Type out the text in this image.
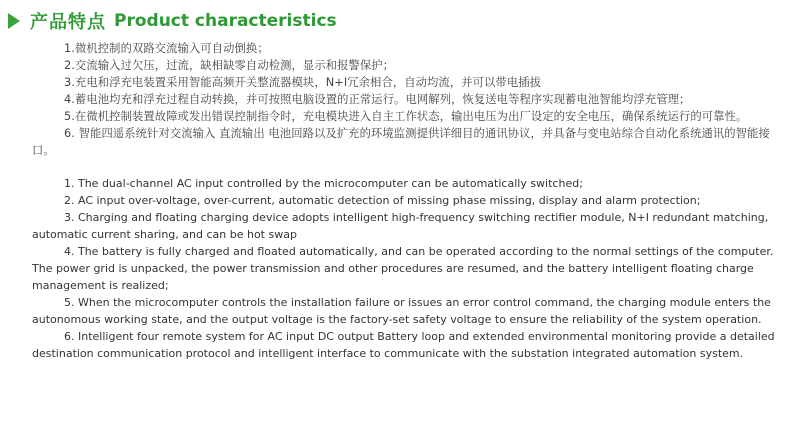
产品特点 Product characteristics

1.微机控制的双路交流输入可自动倒换；

2.交流输入过欠压，过流，缺相缺零自动检测，显示和报警保护；

3.充电和浮充电装置采用智能高频开关整流器模块，N+I冗余相合，自动均流，并可以带电插拔

4.蓄电池均充和浮充过程自动转换，并可按照电脑设置的正常运行。电网解列，恢复送电等程序实现蓄电池智能均浮充管理；

5.在微机控制装置故障或发出错误控制指令时，充电模块进入自主工作状态，输出电压为出厂设定的安全电压，确保系统运行的可靠性。

6. 智能四遥系统针对交流输入 直流输出 电池回路以及扩充的环境监测提供详细目的通讯协议，并具备与变电站综合自动化系统通讯的智能接口。

1. The dual-channel AC input controlled by the microcomputer can be automatically switched;

2. AC input over-voltage, over-current, automatic detection of missing phase missing, display and alarm protection;

3. Charging and floating charging device adopts intelligent high-frequency switching rectifier module, N+I redundant matching, automatic current sharing, and can be hot swap

4. The battery is fully charged and floated automatically, and can be operated according to the normal settings of the computer. The power grid is unpacked, the power transmission and other procedures are resumed, and the battery intelligent floating charge management is realized;

5. When the microcomputer controls the installation failure or issues an error control command, the charging module enters the autonomous working state, and the output voltage is the factory-set safety voltage to ensure the reliability of the system operation.

6. Intelligent four remote system for AC input DC output Battery loop and extended environmental monitoring provide a detailed destination communication protocol and intelligent interface to communicate with the substation integrated automation system.
